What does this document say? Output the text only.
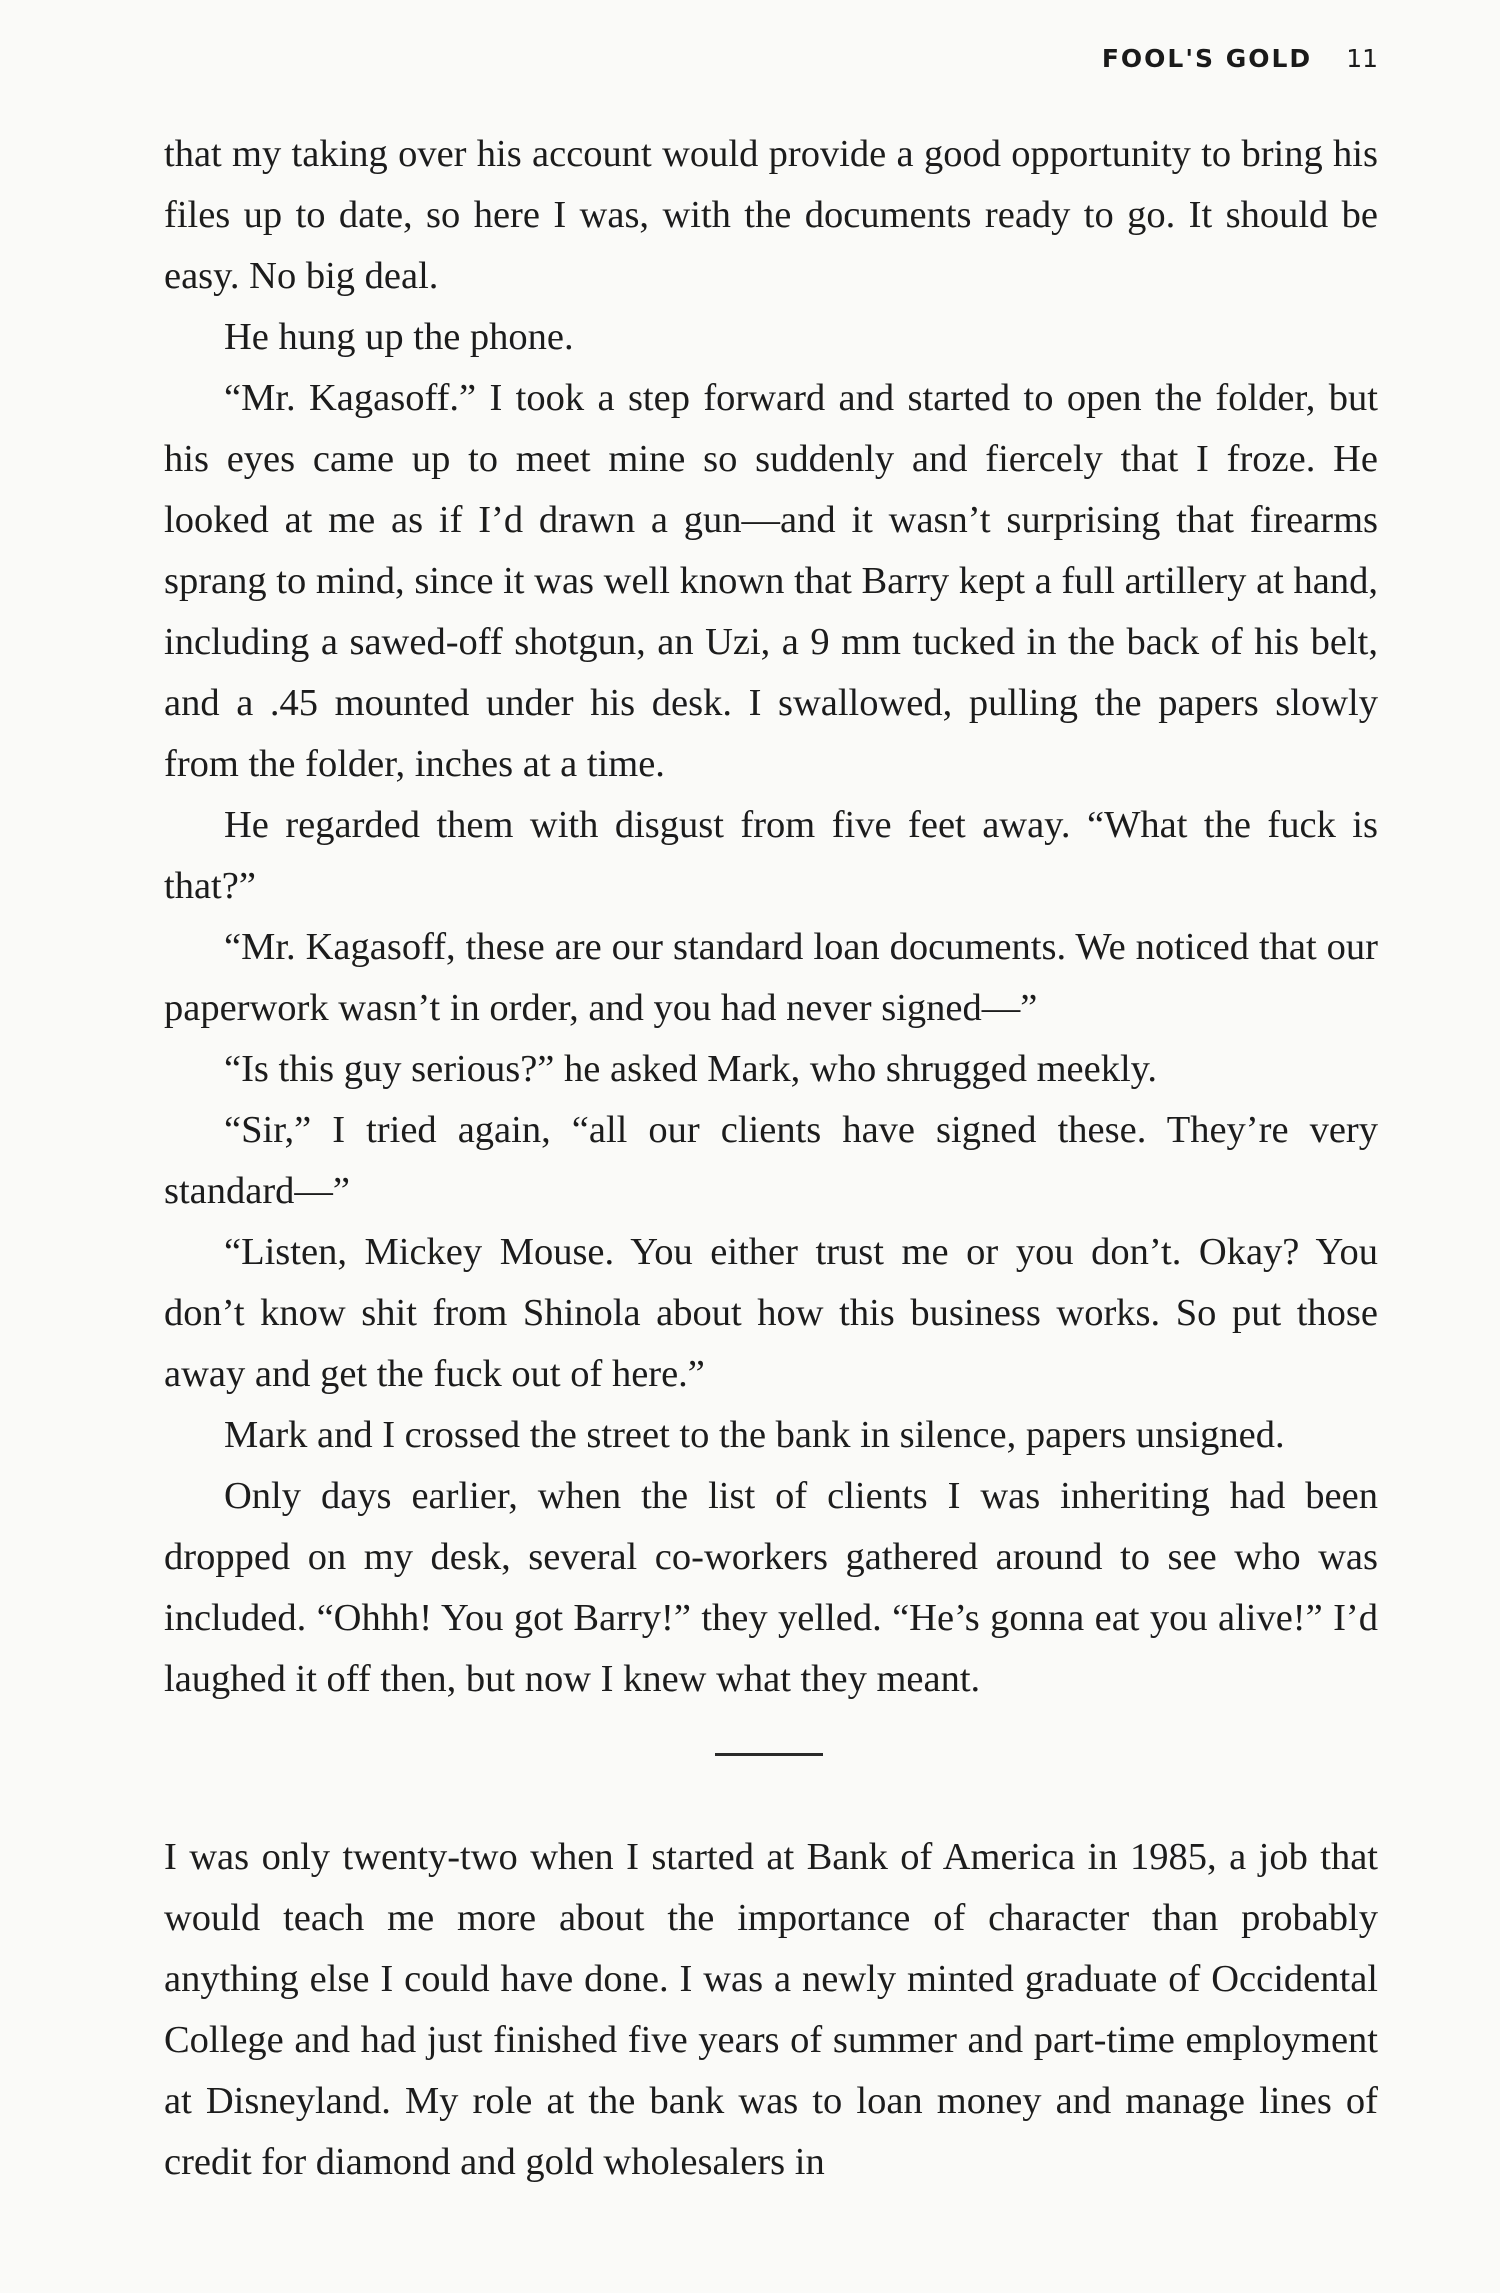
FOOL'S GOLD 11

that my taking over his account would provide a good opportunity to bring his files up to date, so here I was, with the documents ready to go. It should be easy. No big deal.

He hung up the phone.

“Mr. Kagasoff.” I took a step forward and started to open the folder, but his eyes came up to meet mine so suddenly and fiercely that I froze. He looked at me as if I’d drawn a gun—and it wasn’t surprising that firearms sprang to mind, since it was well known that Barry kept a full artillery at hand, including a sawed-off shotgun, an Uzi, a 9 mm tucked in the back of his belt, and a .45 mounted under his desk. I swallowed, pulling the papers slowly from the folder, inches at a time.

He regarded them with disgust from five feet away. “What the fuck is that?”

“Mr. Kagasoff, these are our standard loan documents. We noticed that our paperwork wasn’t in order, and you had never signed—”

“Is this guy serious?” he asked Mark, who shrugged meekly.

“Sir,” I tried again, “all our clients have signed these. They’re very standard—”

“Listen, Mickey Mouse. You either trust me or you don’t. Okay? You don’t know shit from Shinola about how this business works. So put those away and get the fuck out of here.”

Mark and I crossed the street to the bank in silence, papers unsigned.

Only days earlier, when the list of clients I was inheriting had been dropped on my desk, several co-workers gathered around to see who was included. “Ohhh! You got Barry!” they yelled. “He’s gonna eat you alive!” I’d laughed it off then, but now I knew what they meant.

I was only twenty-two when I started at Bank of America in 1985, a job that would teach me more about the importance of character than probably anything else I could have done. I was a newly minted graduate of Occidental College and had just finished five years of summer and part-time employment at Disneyland. My role at the bank was to loan money and manage lines of credit for diamond and gold wholesalers in
